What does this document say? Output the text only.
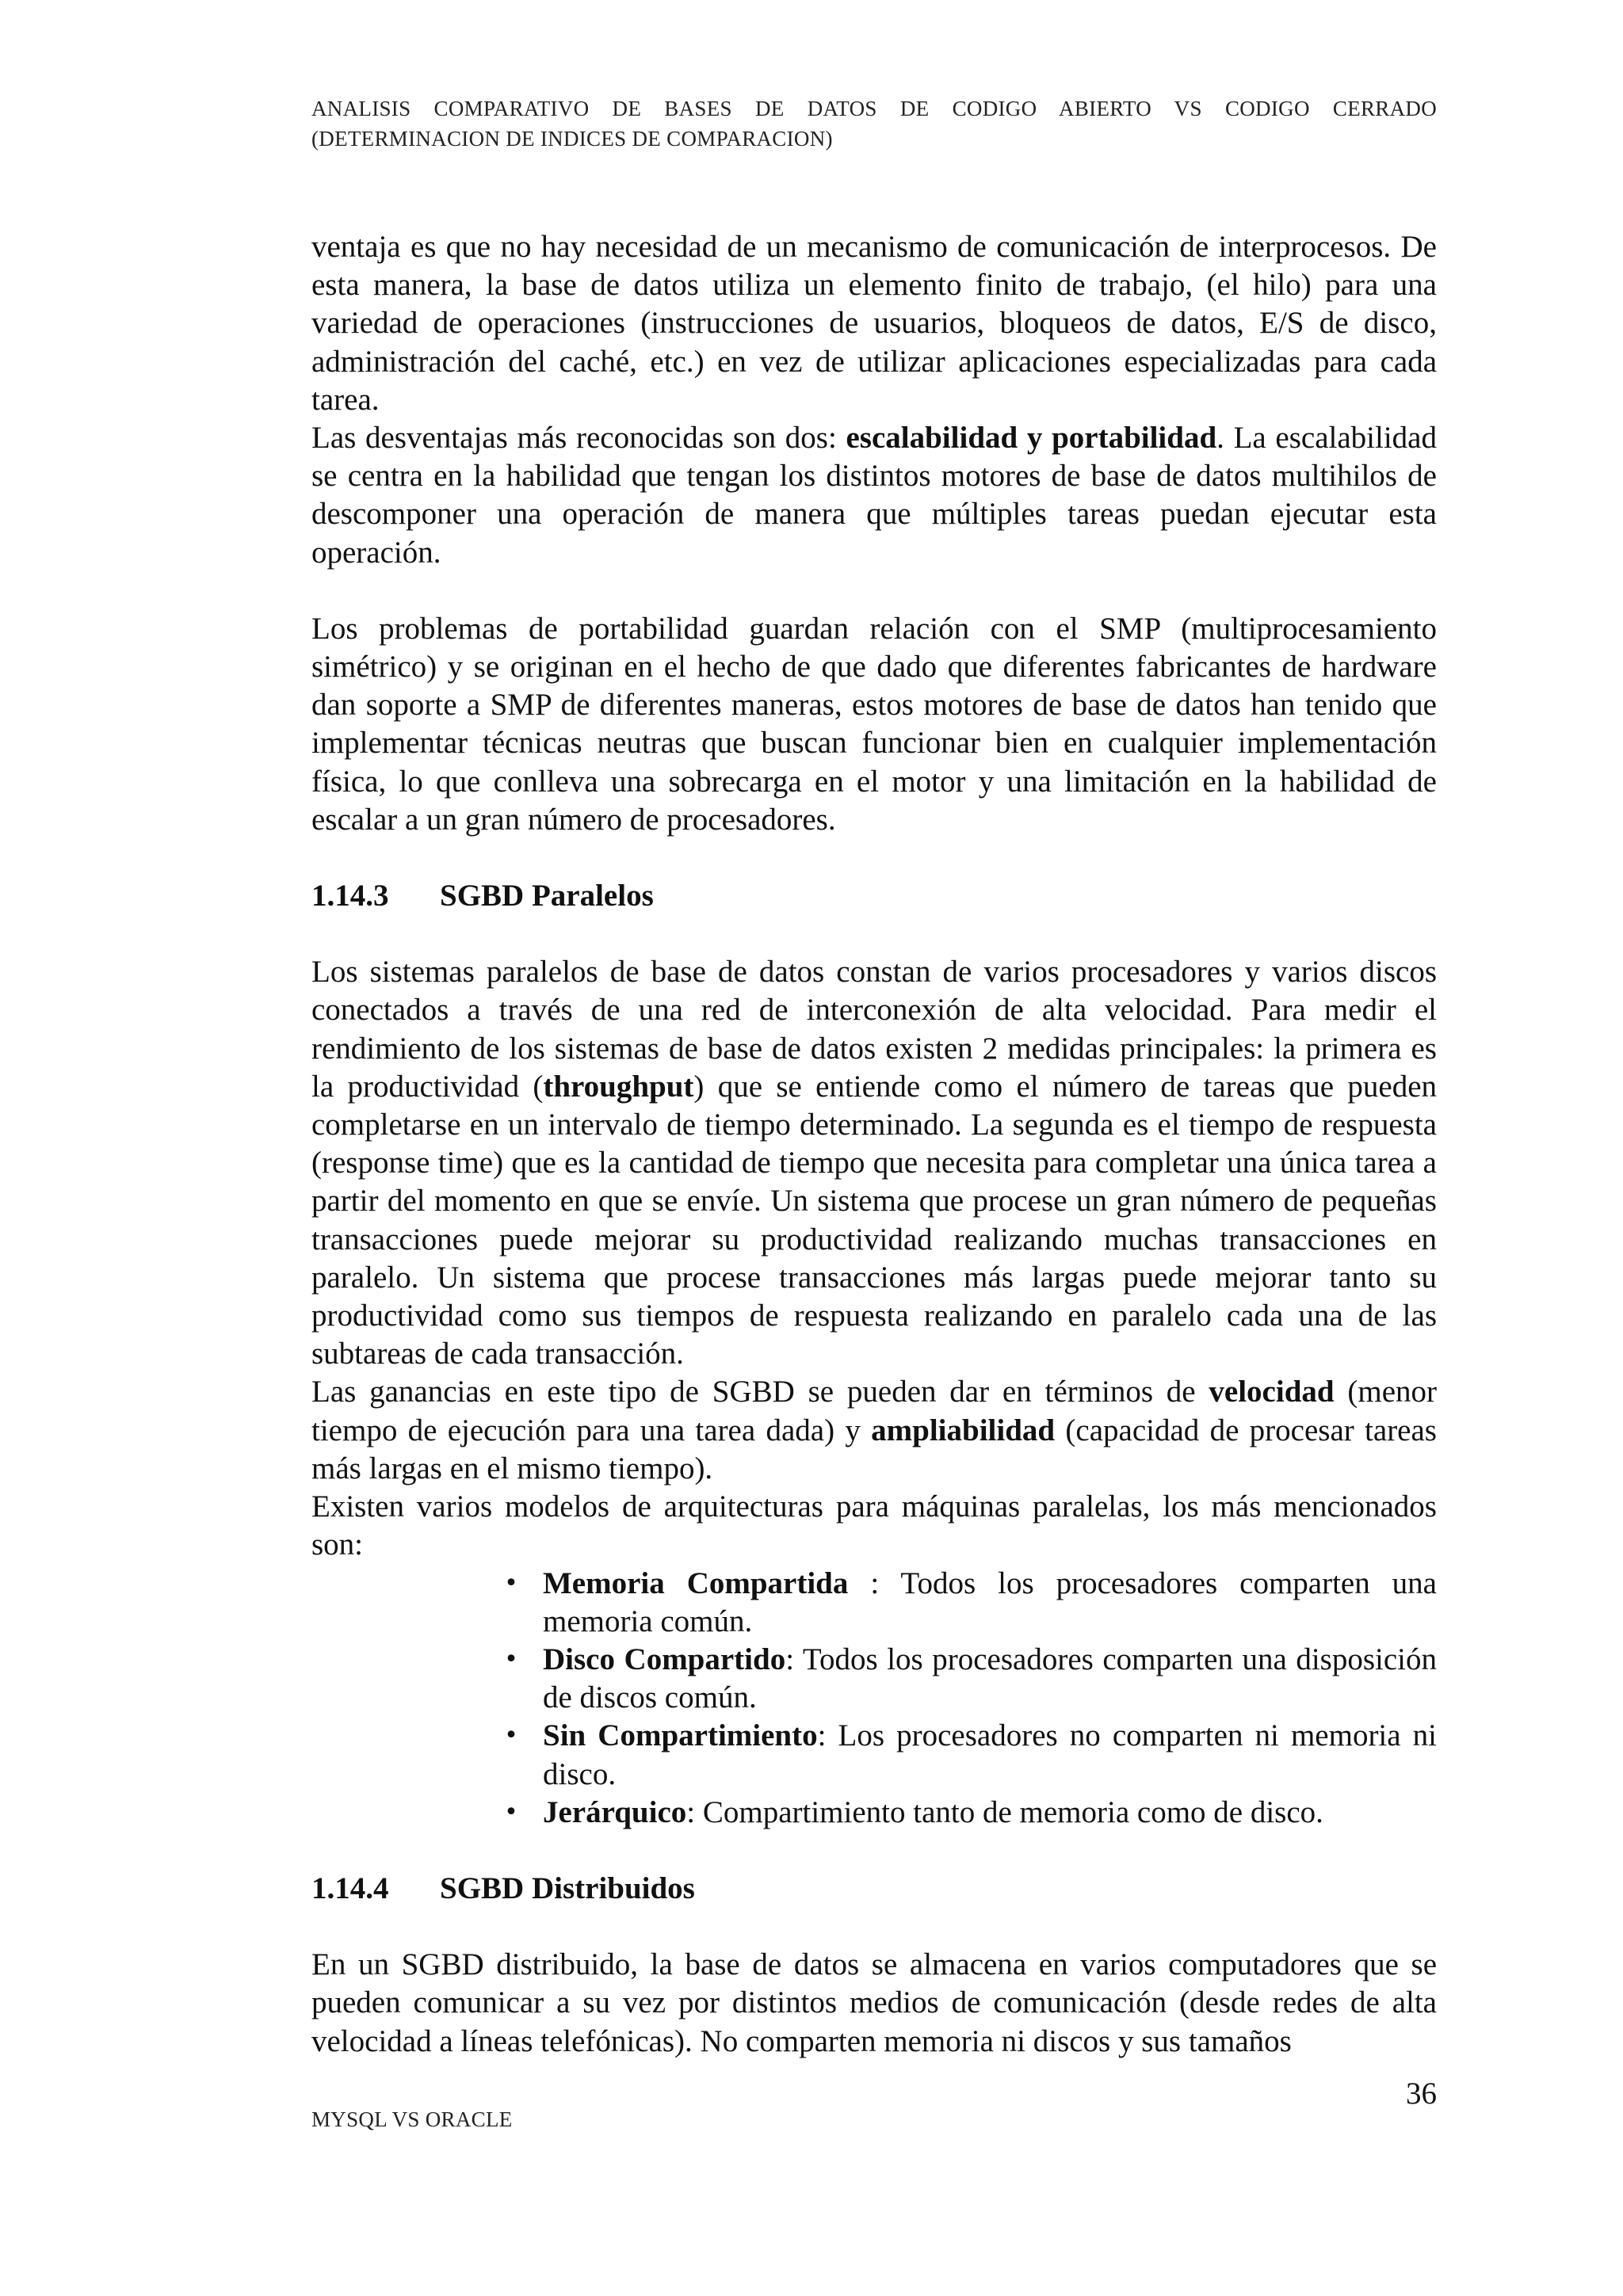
ANALISIS COMPARATIVO DE BASES DE DATOS DE CODIGO ABIERTO VS CODIGO CERRADO
(DETERMINACION DE INDICES DE COMPARACION)

ventaja es que no hay necesidad de un mecanismo de comunicación de interprocesos. De esta manera, la base de datos utiliza un elemento finito de trabajo, (el hilo) para una variedad de operaciones (instrucciones de usuarios, bloqueos de datos, E/S de disco, administración del caché, etc.) en vez de utilizar aplicaciones especializadas para cada tarea.

Las desventajas más reconocidas son dos: escalabilidad y portabilidad. La escalabilidad se centra en la habilidad que tengan los distintos motores de base de datos multihilos de descomponer una operación de manera que múltiples tareas puedan ejecutar esta operación.

Los problemas de portabilidad guardan relación con el SMP (multiprocesamiento simétrico) y se originan en el hecho de que dado que diferentes fabricantes de hardware dan soporte a SMP de diferentes maneras, estos motores de base de datos han tenido que implementar técnicas neutras que buscan funcionar bien en cualquier implementación física, lo que conlleva una sobrecarga en el motor y una limitación en la habilidad de escalar a un gran número de procesadores.

1.14.3 SGBD Paralelos

Los sistemas paralelos de base de datos constan de varios procesadores y varios discos conectados a través de una red de interconexión de alta velocidad. Para medir el rendimiento de los sistemas de base de datos existen 2 medidas principales: la primera es la productividad (throughput) que se entiende como el número de tareas que pueden completarse en un intervalo de tiempo determinado. La segunda es el tiempo de respuesta (response time) que es la cantidad de tiempo que necesita para completar una única tarea a partir del momento en que se envíe. Un sistema que procese un gran número de pequeñas transacciones puede mejorar su productividad realizando muchas transacciones en paralelo. Un sistema que procese transacciones más largas puede mejorar tanto su productividad como sus tiempos de respuesta realizando en paralelo cada una de las subtareas de cada transacción.

Las ganancias en este tipo de SGBD se pueden dar en términos de velocidad (menor tiempo de ejecución para una tarea dada) y ampliabilidad (capacidad de procesar tareas más largas en el mismo tiempo).

Existen varios modelos de arquitecturas para máquinas paralelas, los más mencionados son:

• Memoria Compartida : Todos los procesadores comparten una memoria común.
• Disco Compartido: Todos los procesadores comparten una disposición de discos común.
• Sin Compartimiento: Los procesadores no comparten ni memoria ni disco.
• Jerárquico: Compartimiento tanto de memoria como de disco.

1.14.4 SGBD Distribuidos

En un SGBD distribuido, la base de datos se almacena en varios computadores que se pueden comunicar a su vez por distintos medios de comunicación (desde redes de alta velocidad a líneas telefónicas). No comparten memoria ni discos y sus tamaños

36
MYSQL VS ORACLE
